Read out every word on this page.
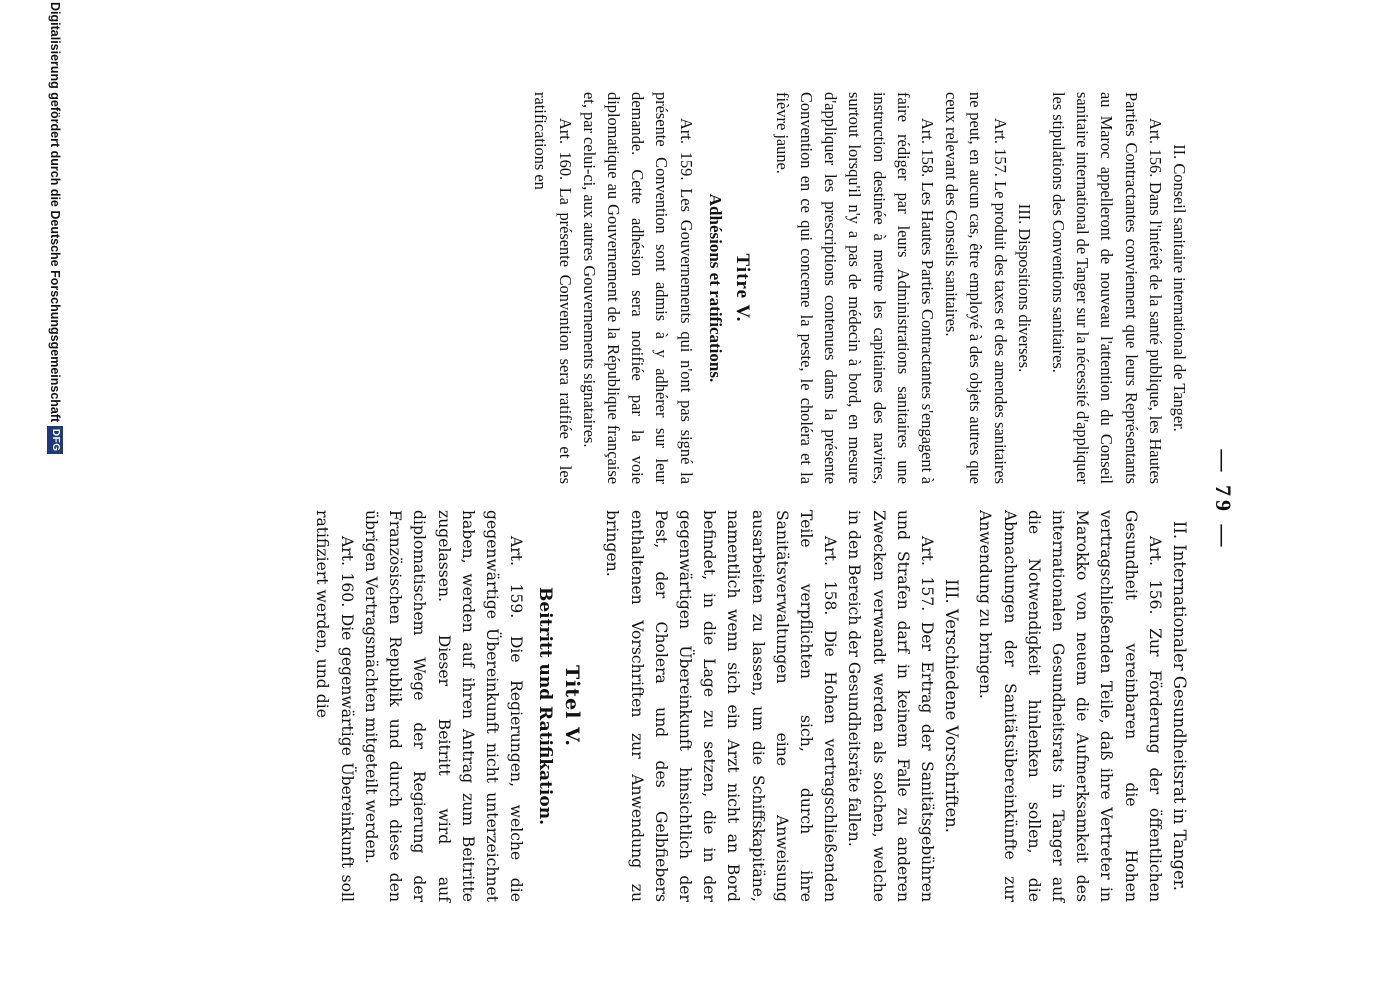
— 79 —
II. Conseil sanitaire international de Tanger.

Art. 156. Dans l'intérêt de la santé publique, les Hautes Parties Contractantes conviennent que leurs Représentants au Maroc appelleront de nouveau l'attention du Conseil sanitaire international de Tanger sur la nécessité d'appliquer les stipulations des Conventions sanitaires.

III. Dispositions diverses.

Art. 157. Le produit des taxes et des amendes sanitaires ne peut, en aucun cas, être employé à des objets autres que ceux relevant des Conseils sanitaires.

Art. 158. Les Hautes Parties Contractantes s'engagent à faire rédiger par leurs Administrations sanitaires une instruction destinée à mettre les capitaines des navires, surtout lorsqu'il n'y a pas de médecin à bord, en mesure d'appliquer les prescriptions contenues dans la présente Convention en ce qui concerne la peste, le choléra et la fièvre jaune.

Titre V.
Adhésions et ratifications.

Art. 159. Les Gouvernements qui n'ont pas signé la présente Convention sont admis à y adhérer sur leur demande. Cette adhésion sera notifiée par la voie diplomatique au Gouvernement de la République française et, par celui-ci, aux autres Gouvernements signataires.

Art. 160. La présente Convention sera ratifiée et les ratifications en

II. Internationaler Gesundheitsrat in Tanger.

Art. 156. Zur Förderung der öffentlichen Gesundheit vereinbaren die Hohen vertragschließenden Teile, daß ihre Vertreter in Marokko von neuem die Aufmerksamkeit des internationalen Gesundheitsrats in Tanger auf die Notwendigkeit hinlenken sollen, die Abmachungen der Sanitätsübereinkünfte zur Anwendung zu bringen.

III. Verschiedene Vorschriften.

Art. 157. Der Ertrag der Sanitätsgebühren und Strafen darf in keinem Falle zu anderen Zwecken verwandt werden als solchen, welche in den Bereich der Gesundheitsräte fallen.

Art. 158. Die Hohen vertragschließenden Teile verpflichten sich, durch ihre Sanitätsverwaltungen eine Anweisung ausarbeiten zu lassen, um die Schiffskapitäne, namentlich wenn sich ein Arzt nicht an Bord befindet, in die Lage zu setzen, die in der gegenwärtigen Übereinkunft hinsichtlich der Pest, der Cholera und des Gelbfiebers enthaltenen Vorschriften zur Anwendung zu bringen.

Titel V.
Beitritt und Ratifikation.

Art. 159. Die Regierungen, welche die gegenwärtige Übereinkunft nicht unterzeichnet haben, werden auf ihren Antrag zum Beitritte zugelassen. Dieser Beitritt wird auf diplomatischem Wege der Regierung der Französischen Republik und durch diese den übrigen Vertragsmächten mitgeteilt werden.

Art. 160. Die gegenwärtige Übereinkunft soll ratifiziert werden, und die

Digitalisierung gefördert durch die Deutsche Forschungsgemeinschaft
DFG
